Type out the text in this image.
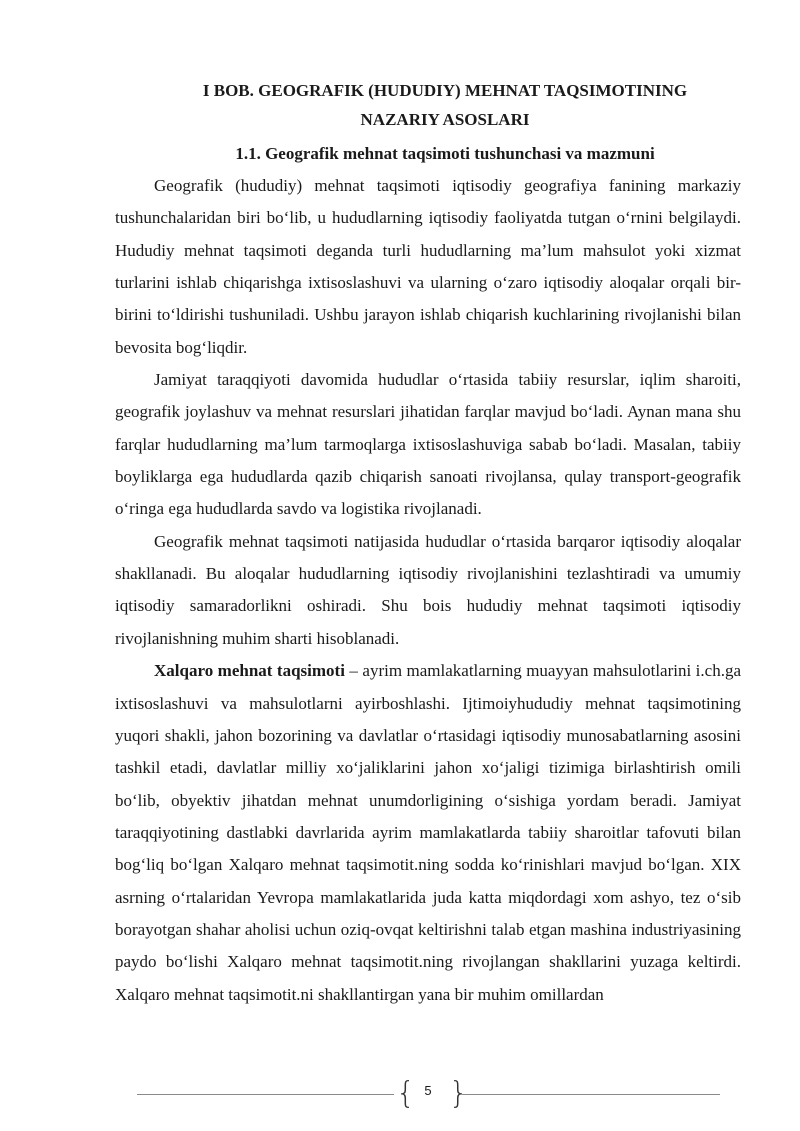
I BOB. GEOGRAFIK (HUDUDIY) MEHNAT TAQSIMOTINING
NAZARIY ASOSLARI
1.1. Geografik mehnat taqsimoti tushunchasi va mazmuni

Geografik (hududiy) mehnat taqsimoti iqtisodiy geografiya fanining markaziy tushunchalaridan biri bo‘lib, u hududlarning iqtisodiy faoliyatda tutgan o‘rnini belgilaydi. Hududiy mehnat taqsimoti deganda turli hududlarning ma’lum mahsulot yoki xizmat turlarini ishlab chiqarishga ixtisoslashuvi va ularning o‘zaro iqtisodiy aloqalar orqali bir-birini to‘ldirishi tushuniladi. Ushbu jarayon ishlab chiqarish kuchlarining rivojlanishi bilan bevosita bog‘liqdir.

Jamiyat taraqqiyoti davomida hududlar o‘rtasida tabiiy resurslar, iqlim sharoiti, geografik joylashuv va mehnat resurslari jihatidan farqlar mavjud bo‘ladi. Aynan mana shu farqlar hududlarning ma’lum tarmoqlarga ixtisoslashuviga sabab bo‘ladi. Masalan, tabiiy boyliklarga ega hududlarda qazib chiqarish sanoati rivojlansa, qulay transport-geografik o‘ringa ega hududlarda savdo va logistika rivojlanadi.

Geografik mehnat taqsimoti natijasida hududlar o‘rtasida barqaror iqtisodiy aloqalar shakllanadi. Bu aloqalar hududlarning iqtisodiy rivojlanishini tezlashtiradi va umumiy iqtisodiy samaradorlikni oshiradi. Shu bois hududiy mehnat taqsimoti iqtisodiy rivojlanishning muhim sharti hisoblanadi.

Xalqaro mehnat taqsimoti – ayrim mamlakatlarning muayyan mahsulotlarini i.ch.ga ixtisoslashuvi va mahsulotlarni ayirboshlashi. Ijtimoiyhududiy mehnat taqsimotining yuqori shakli, jahon bozorining va davlatlar o‘rtasidagi iqtisodiy munosabatlarning asosini tashkil etadi, davlatlar milliy xo‘jaliklarini jahon xo‘jaligi tizimiga birlashtirish omili bo‘lib, obyektiv jihatdan mehnat unumdorligining o‘sishiga yordam beradi. Jamiyat taraqqiyotining dastlabki davrlarida ayrim mamlakatlarda tabiiy sharoitlar tafovuti bilan bog‘liq bo‘lgan Xalqaro mehnat taqsimotit.ning sodda ko‘rinishlari mavjud bo‘lgan. XIX asrning o‘rtalaridan Yevropa mamlakatlarida juda katta miqdordagi xom ashyo, tez o‘sib borayotgan shahar aholisi uchun oziq-ovqat keltirishni talab etgan mashina industriyasining paydo bo‘lishi Xalqaro mehnat taqsimotit.ning rivojlangan shakllarini yuzaga keltirdi. Xalqaro mehnat taqsimotit.ni shakllantirgan yana bir muhim omillardan

{ 5 }
